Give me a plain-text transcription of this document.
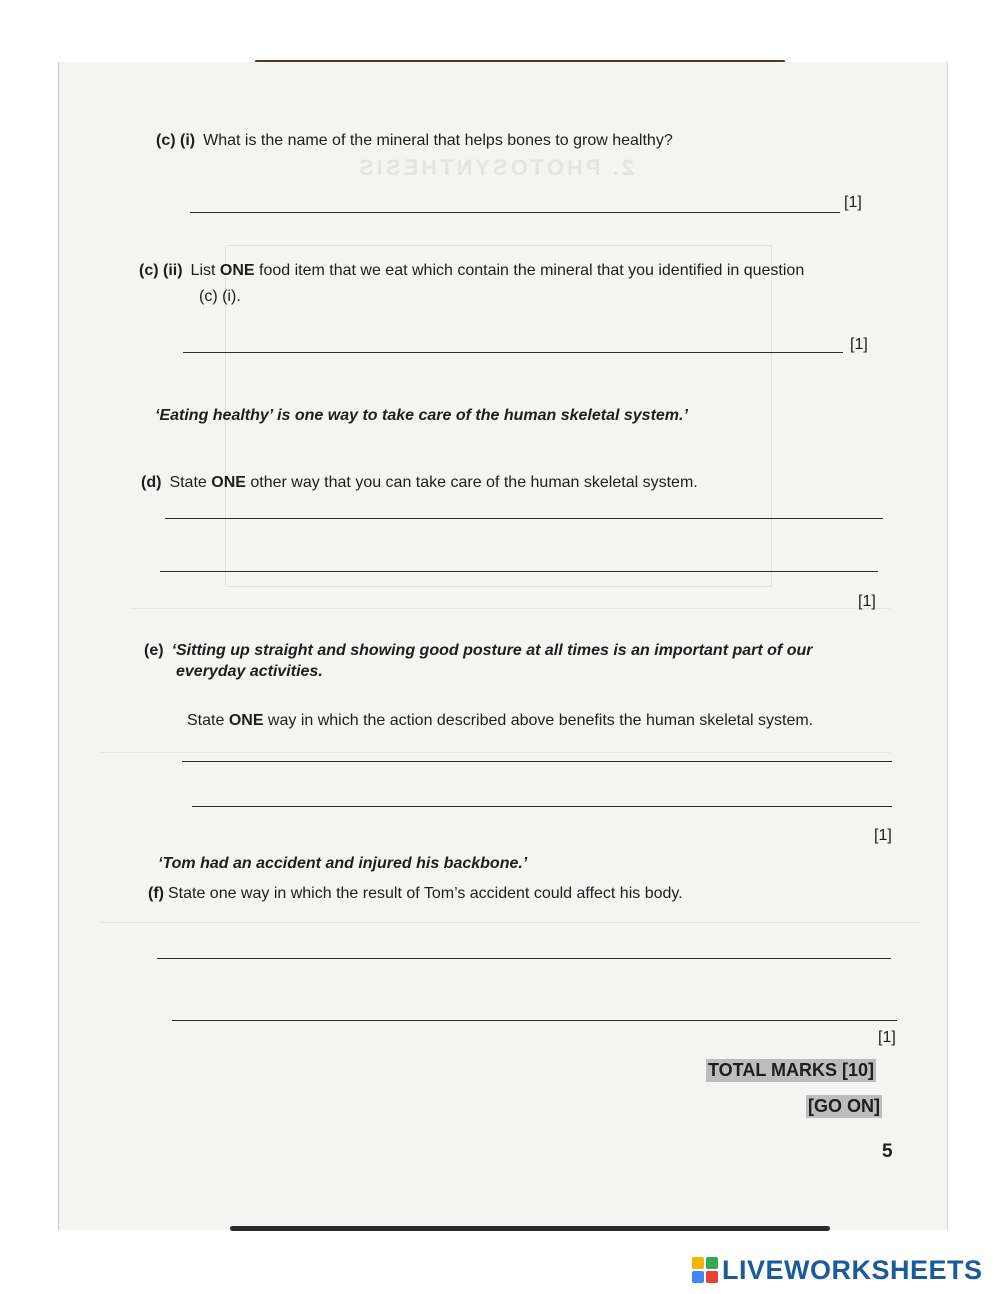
2. PHOTOSYNTHESIS
(c) (i) What is the name of the mineral that helps bones to grow healthy?
[1]
(c) (ii) List ONE food item that we eat which contain the mineral that you identified in question
(c) (i).
[1]
‘Eating healthy’ is one way to take care of the human skeletal system.’
(d) State ONE other way that you can take care of the human skeletal system.
[1]
(e) ‘Sitting up straight and showing good posture at all times is an important part of our
everyday activities.
State ONE way in which the action described above benefits the human skeletal system.
[1]
‘Tom had an accident and injured his backbone.’
(f) State one way in which the result of Tom’s accident could affect his body.
[1]
TOTAL MARKS [10]
[GO ON]
5
LIVEWORKSHEETS
